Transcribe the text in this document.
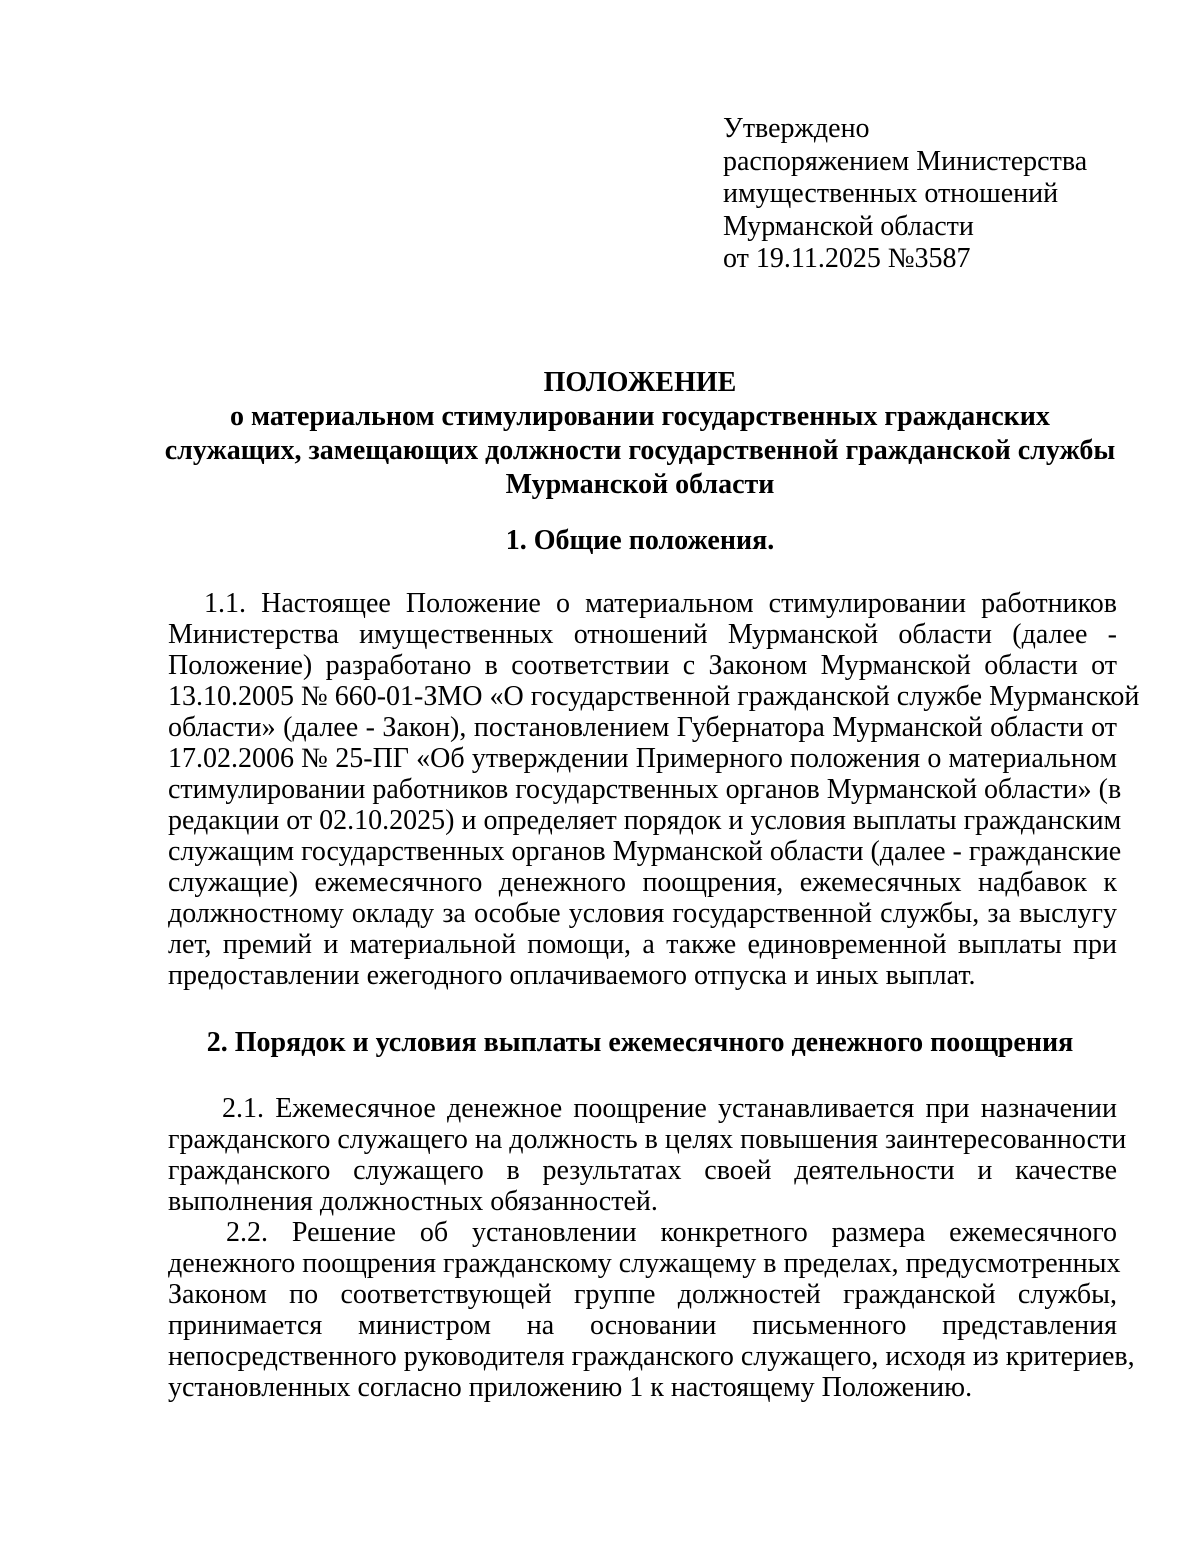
Утверждено
распоряжением Министерства
имущественных отношений
Мурманской области
от 19.11.2025 №3587
ПОЛОЖЕНИЕ
о материальном стимулировании государственных гражданских
служащих, замещающих должности государственной гражданской службы
Мурманской области
1. Общие положения.
1.1. Настоящее Положение о материальном стимулировании работников
Министерства имущественных отношений Мурманской области (далее -
Положение) разработано в соответствии с Законом Мурманской области от
13.10.2005 № 660-01-ЗМО «О государственной гражданской службе Мурманской
области» (далее - Закон), постановлением Губернатора Мурманской области от
17.02.2006 № 25-ПГ «Об утверждении Примерного положения о материальном
стимулировании работников государственных органов Мурманской области» (в
редакции от 02.10.2025) и определяет порядок и условия выплаты гражданским
служащим государственных органов Мурманской области (далее - гражданские
служащие) ежемесячного денежного поощрения, ежемесячных надбавок к
должностному окладу за особые условия государственной службы, за выслугу
лет, премий и материальной помощи, а также единовременной выплаты при
предоставлении ежегодного оплачиваемого отпуска и иных выплат.
2. Порядок и условия выплаты ежемесячного денежного поощрения
2.1. Ежемесячное денежное поощрение устанавливается при назначении
гражданского служащего на должность в целях повышения заинтересованности
гражданского служащего в результатах своей деятельности и качестве
выполнения должностных обязанностей.
2.2. Решение об установлении конкретного размера ежемесячного
денежного поощрения гражданскому служащему в пределах, предусмотренных
Законом по соответствующей группе должностей гражданской службы,
принимается министром на основании письменного представления
непосредственного руководителя гражданского служащего, исходя из критериев,
установленных согласно приложению 1 к настоящему Положению.
